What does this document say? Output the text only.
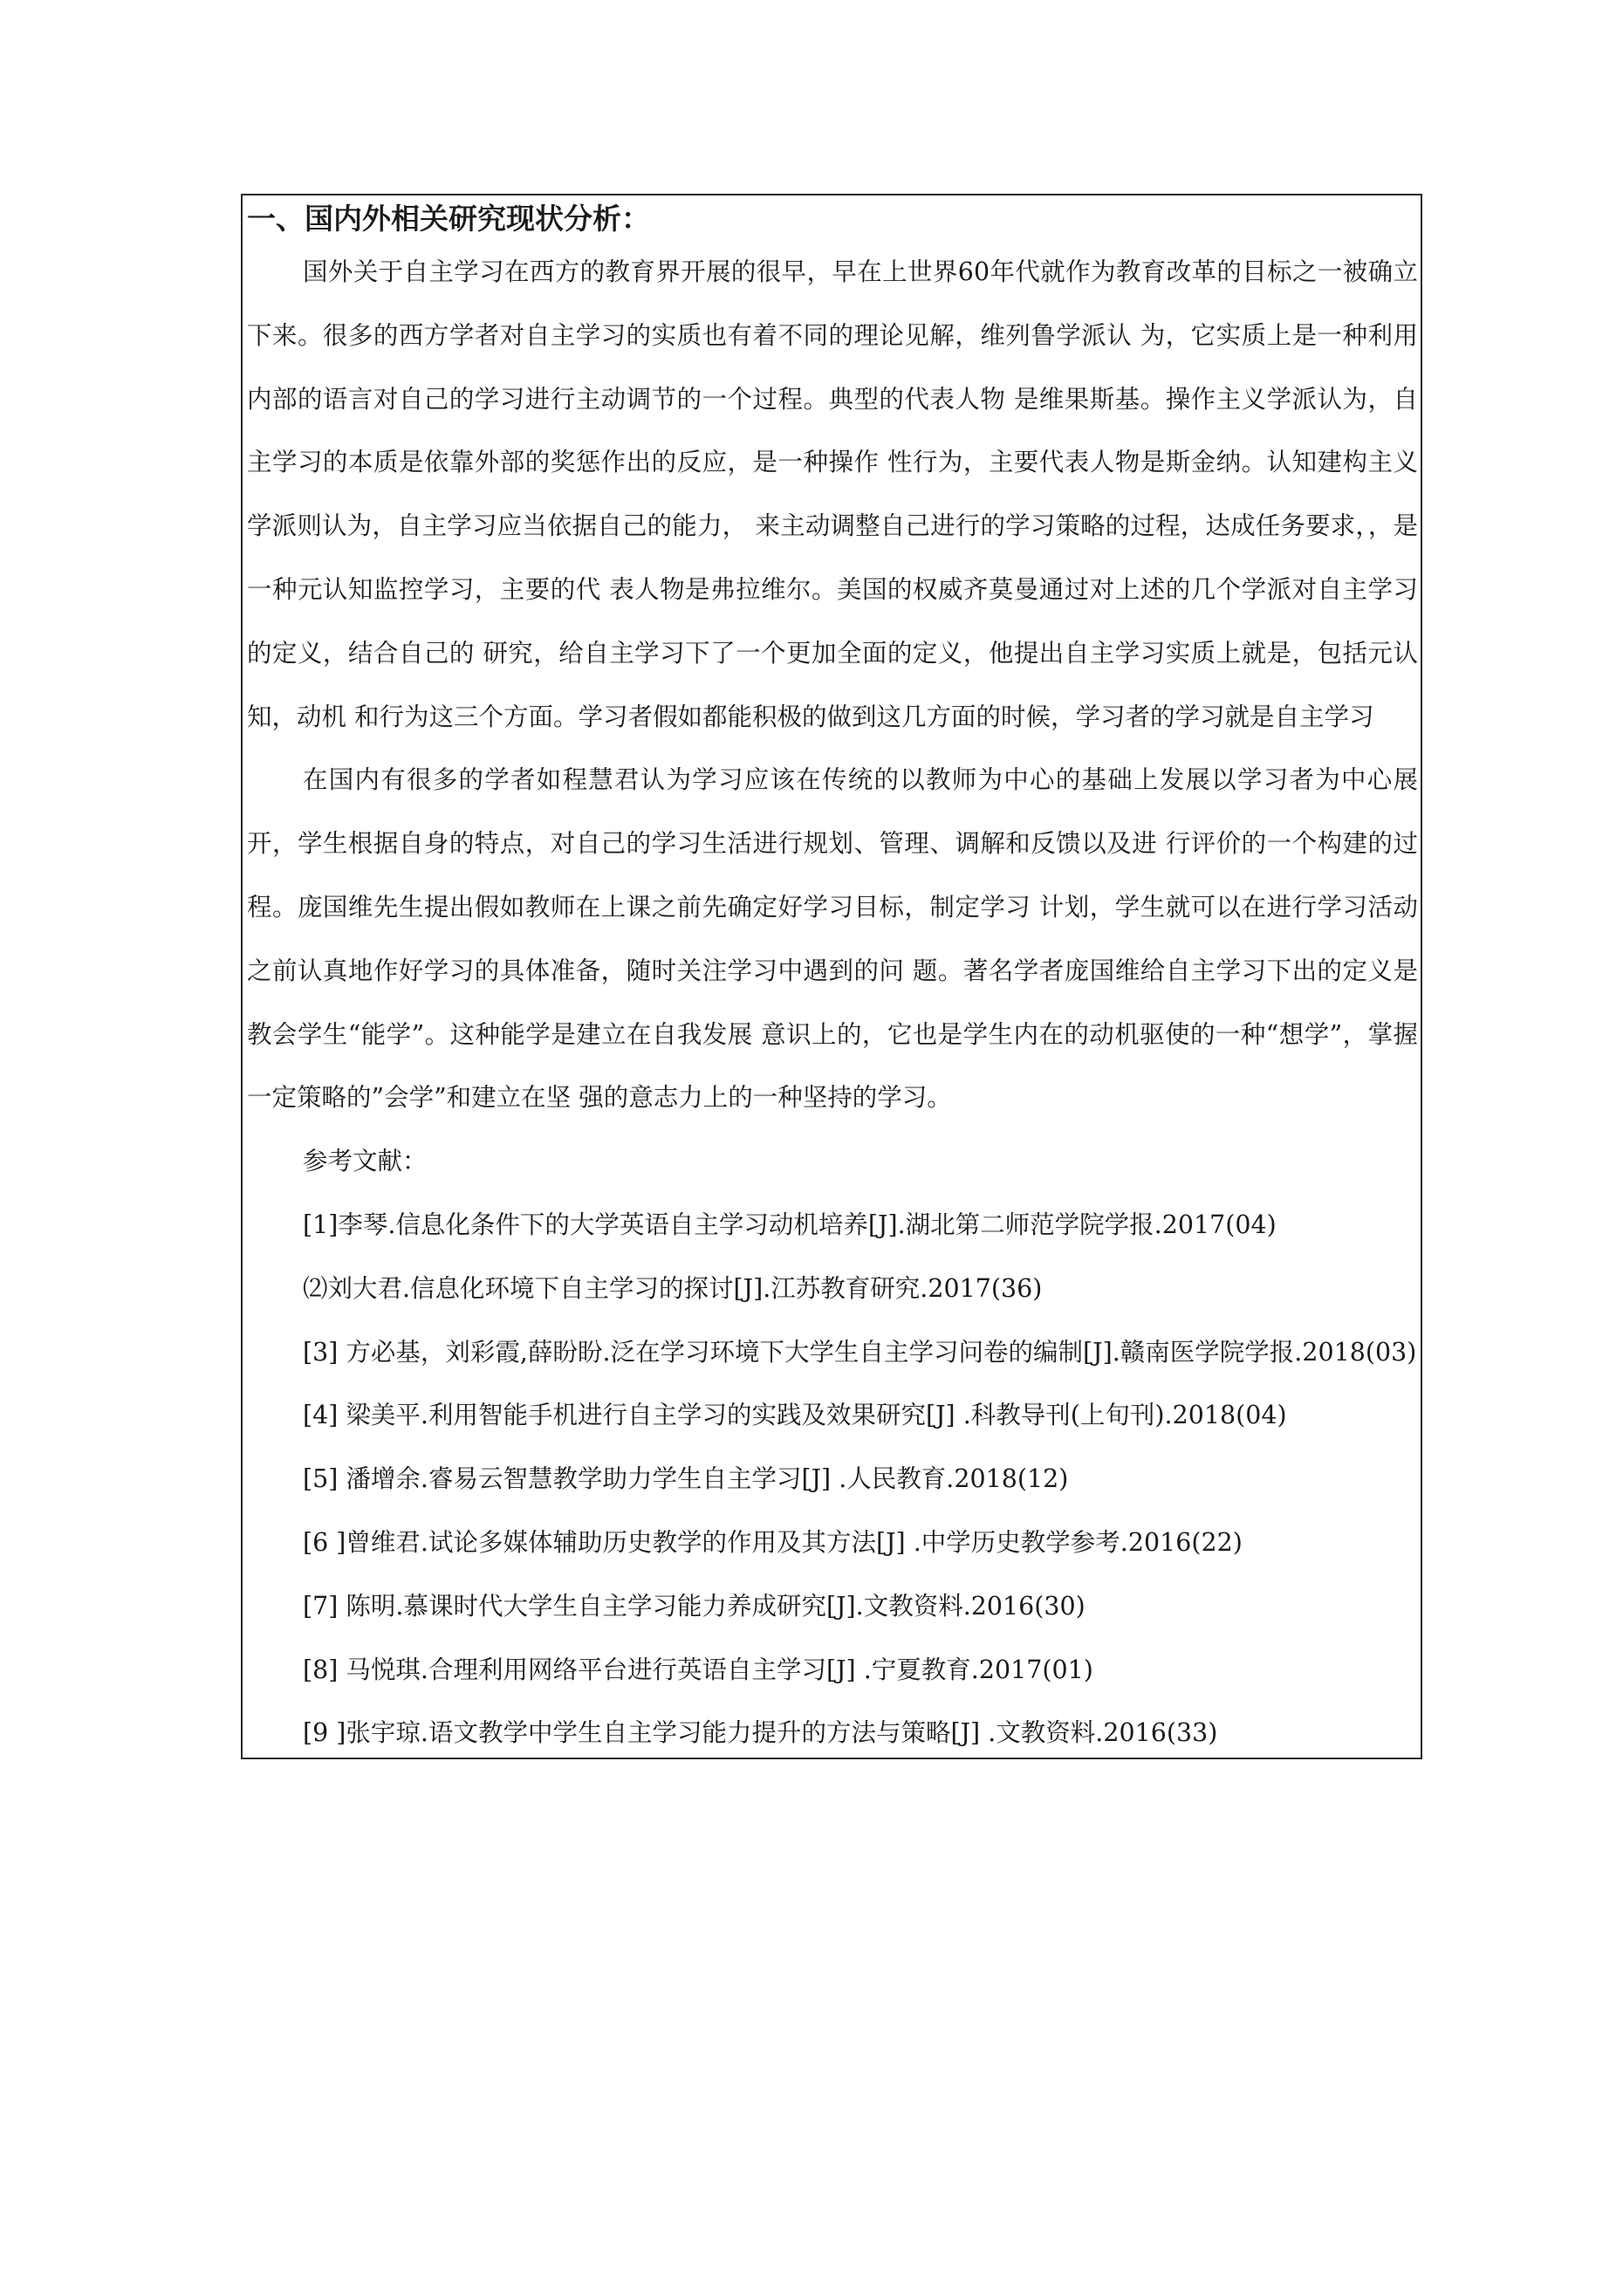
一、国内外相关研究现状分析：

国外关于自主学习在西方的教育界开展的很早，早在上世界60年代就作为教育改革的目标之一被确立下来。很多的西方学者对自主学习的实质也有着不同的理论见解，维列鲁学派认 为，它实质上是一种利用内部的语言对自己的学习进行主动调节的一个过程。典型的代表人物 是维果斯基。操作主义学派认为，自主学习的本质是依靠外部的奖惩作出的反应，是一种操作 性行为，主要代表人物是斯金纳。认知建构主义学派则认为，自主学习应当依据自己的能力， 来主动调整自己进行的学习策略的过程，达成任务要求，，是一种元认知监控学习，主要的代 表人物是弗拉维尔。美国的权威齐莫曼通过对上述的几个学派对自主学习的定义，结合自己的 研究，给自主学习下了一个更加全面的定义，他提出自主学习实质上就是，包括元认知，动机 和行为这三个方面。学习者假如都能积极的做到这几方面的时候，学习者的学习就是自主学习

在国内有很多的学者如程慧君认为学习应该在传统的以教师为中心的基础上发展以学习者为中心展开，学生根据自身的特点，对自己的学习生活进行规划、管理、调解和反馈以及进 行评价的一个构建的过程。庞国维先生提出假如教师在上课之前先确定好学习目标，制定学习 计划，学生就可以在进行学习活动之前认真地作好学习的具体准备，随时关注学习中遇到的问 题。著名学者庞国维给自主学习下出的定义是教会学生“能学”。这种能学是建立在自我发展 意识上的，它也是学生内在的动机驱使的一种“想学”，掌握一定策略的”会学”和建立在坚 强的意志力上的一种坚持的学习。

参考文献：

[1]李琴.信息化条件下的大学英语自主学习动机培养[J].湖北第二师范学院学报.2017(04)

⑵刘大君.信息化环境下自主学习的探讨[J].江苏教育研究.2017(36)

[3] 方必基，刘彩霞,薛盼盼.泛在学习环境下大学生自主学习问卷的编制[J].赣南医学院学报.2018(03)

[4] 梁美平.利用智能手机进行自主学习的实践及效果研究[J] .科教导刊(上旬刊).2018(04)

[5] 潘增余.睿易云智慧教学助力学生自主学习[J] .人民教育.2018(12)

[6 ]曾维君.试论多媒体辅助历史教学的作用及其方法[J] .中学历史教学参考.2016(22)

[7] 陈明.慕课时代大学生自主学习能力养成研究[J].文教资料.2016(30)

[8] 马悦琪.合理利用网络平台进行英语自主学习[J] .宁夏教育.2017(01)

[9 ]张宇琼.语文教学中学生自主学习能力提升的方法与策略[J] .文教资料.2016(33)
